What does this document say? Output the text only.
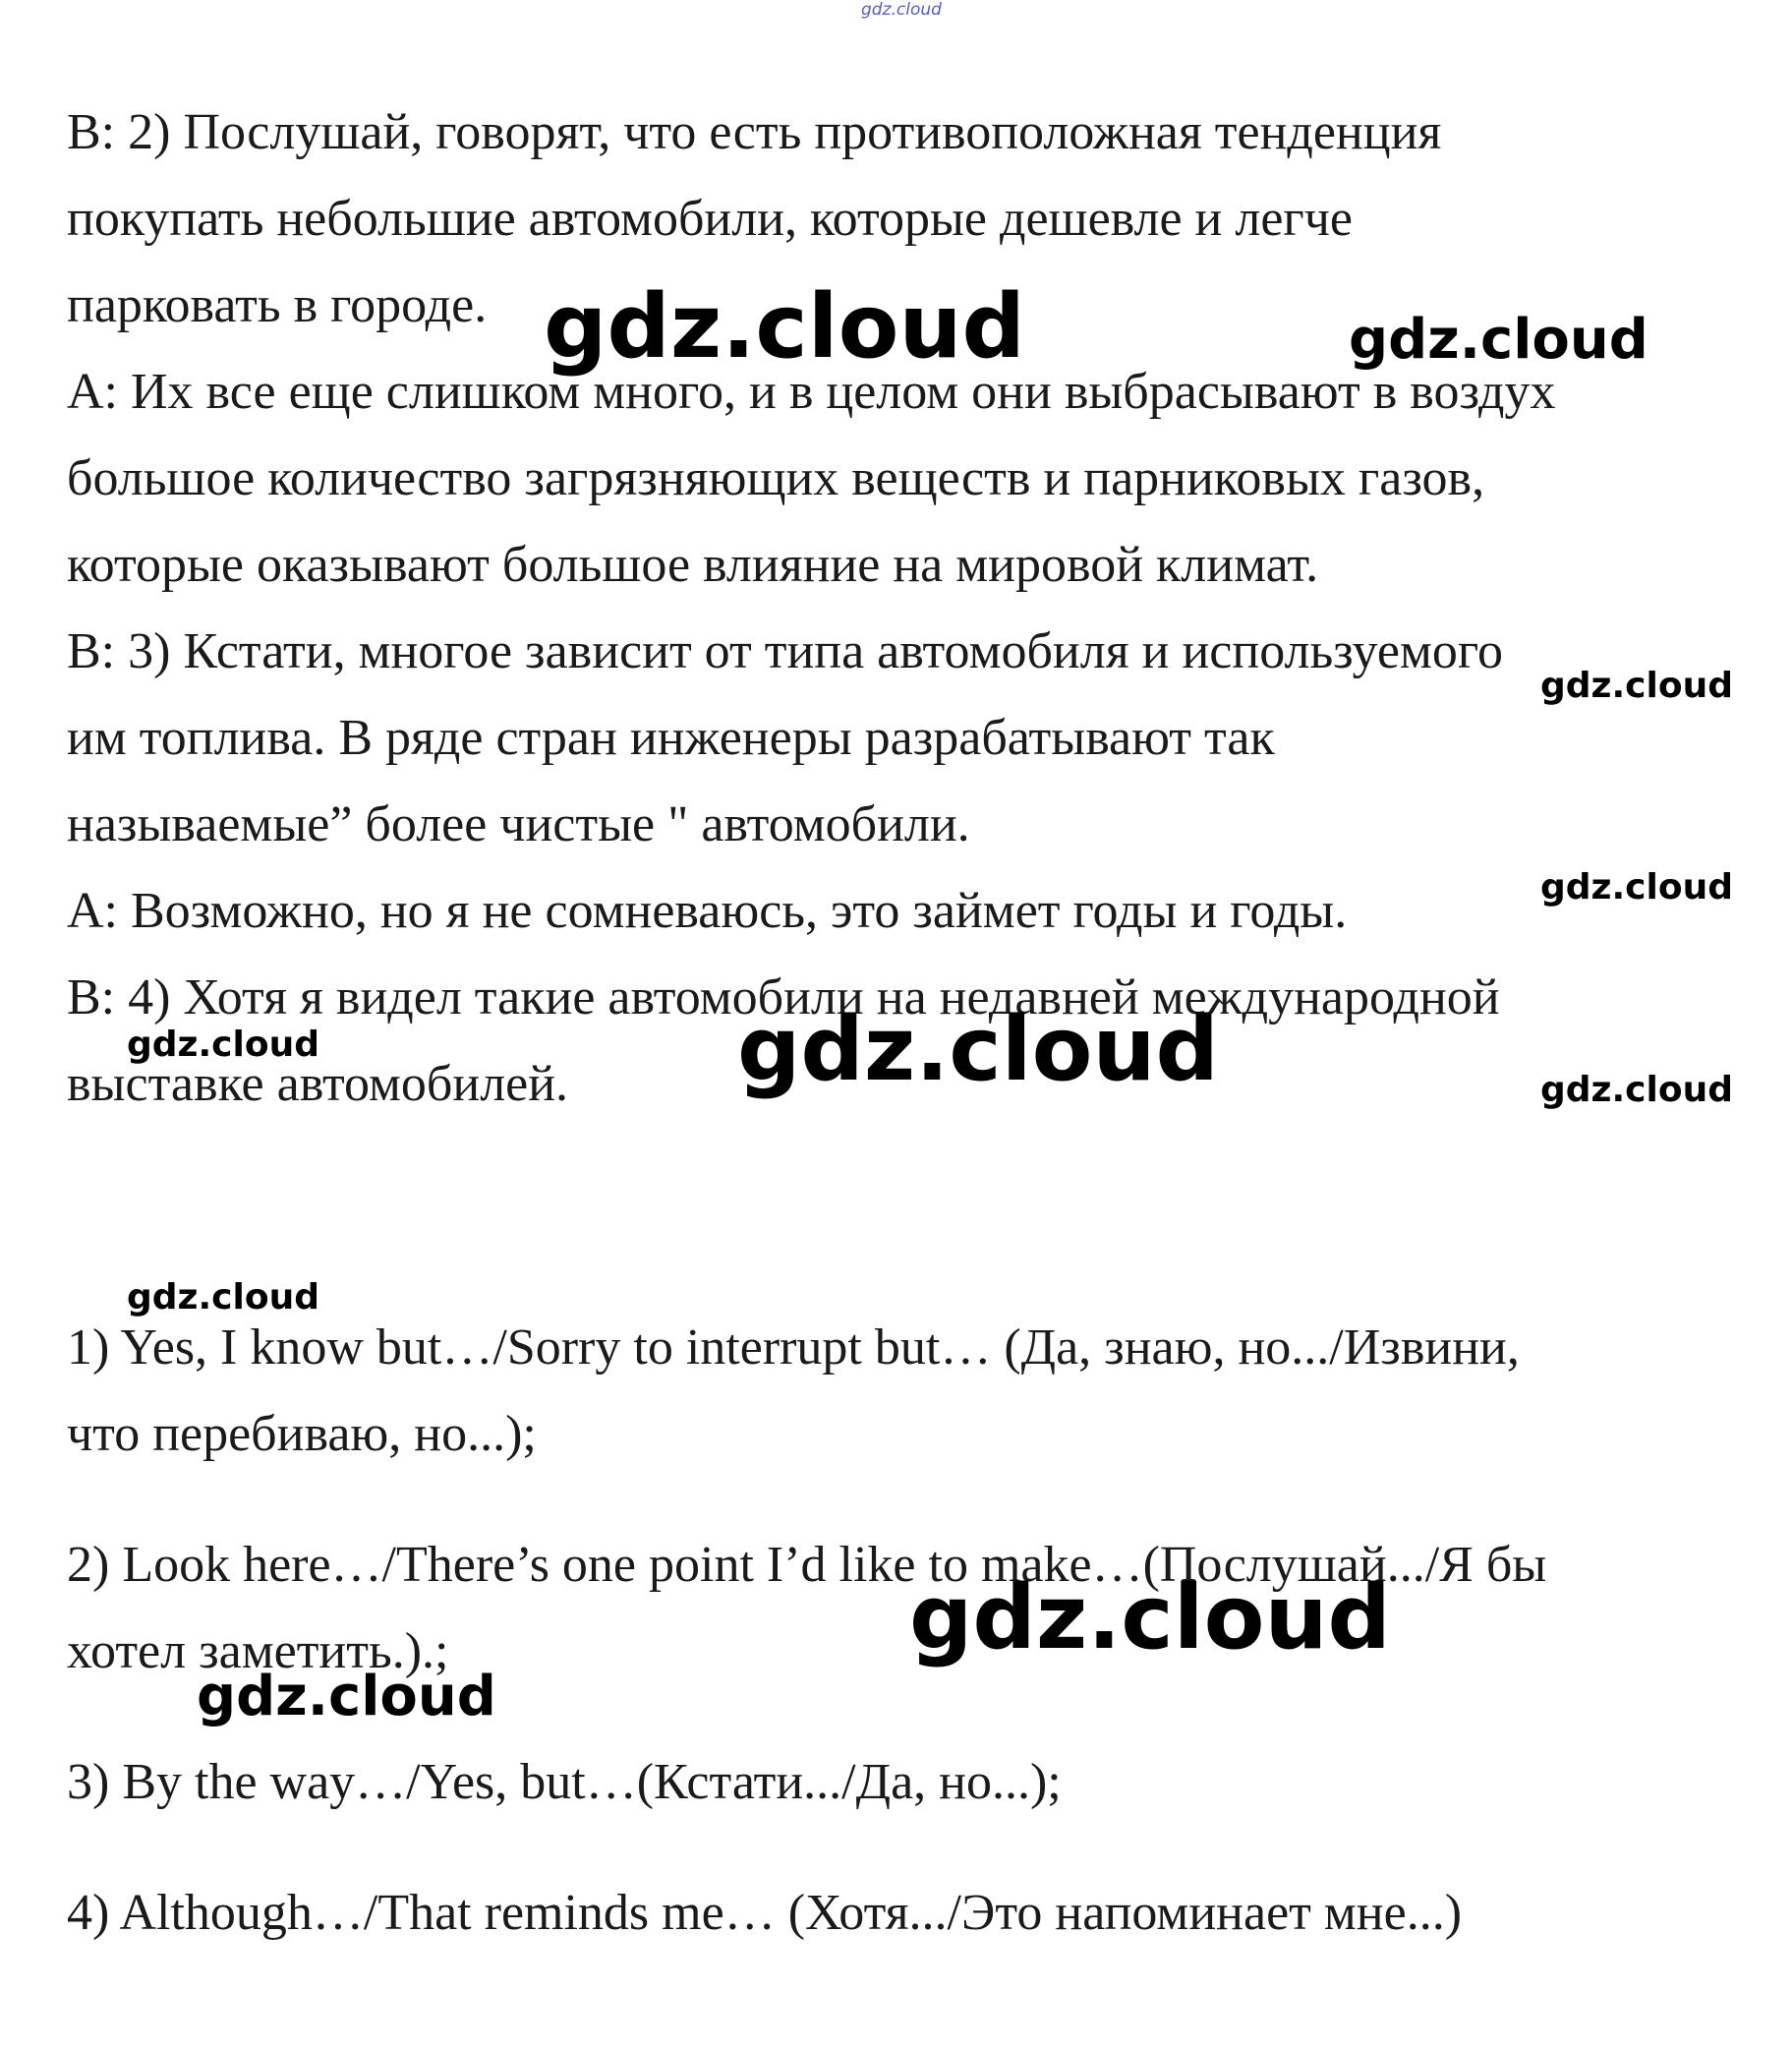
gdz.cloud
B: 2) Послушай, говорят, что есть противоположная тенденция
покупать небольшие автомобили, которые дешевле и легче
парковать в городе.
A: Их все еще слишком много, и в целом они выбрасывают в воздух
большое количество загрязняющих веществ и парниковых газов,
которые оказывают большое влияние на мировой климат.
B: 3) Кстати, многое зависит от типа автомобиля и используемого
им топлива. В ряде стран инженеры разрабатывают так
называемые” более чистые " автомобили.
A: Возможно, но я не сомневаюсь, это займет годы и годы.
B: 4) Хотя я видел такие автомобили на недавней международной
выставке автомобилей.
1) Yes, I know but…/Sorry to interrupt but… (Да, знаю, но.../Извини,
что перебиваю, но...);
2) Look here…/There’s one point I’d like to make…(Послушай.../Я бы
хотел заметить.).;
3) By the way…/Yes, but…(Кстати.../Да, но...);
4) Although…/That reminds me… (Хотя.../Это напоминает мне...)
gdz.cloud	gdz.cloud
gdz.cloud
gdz.cloud
gdz.cloud	gdz.cloud	gdz.cloud
gdz.cloud
gdz.cloud
gdz.cloud
